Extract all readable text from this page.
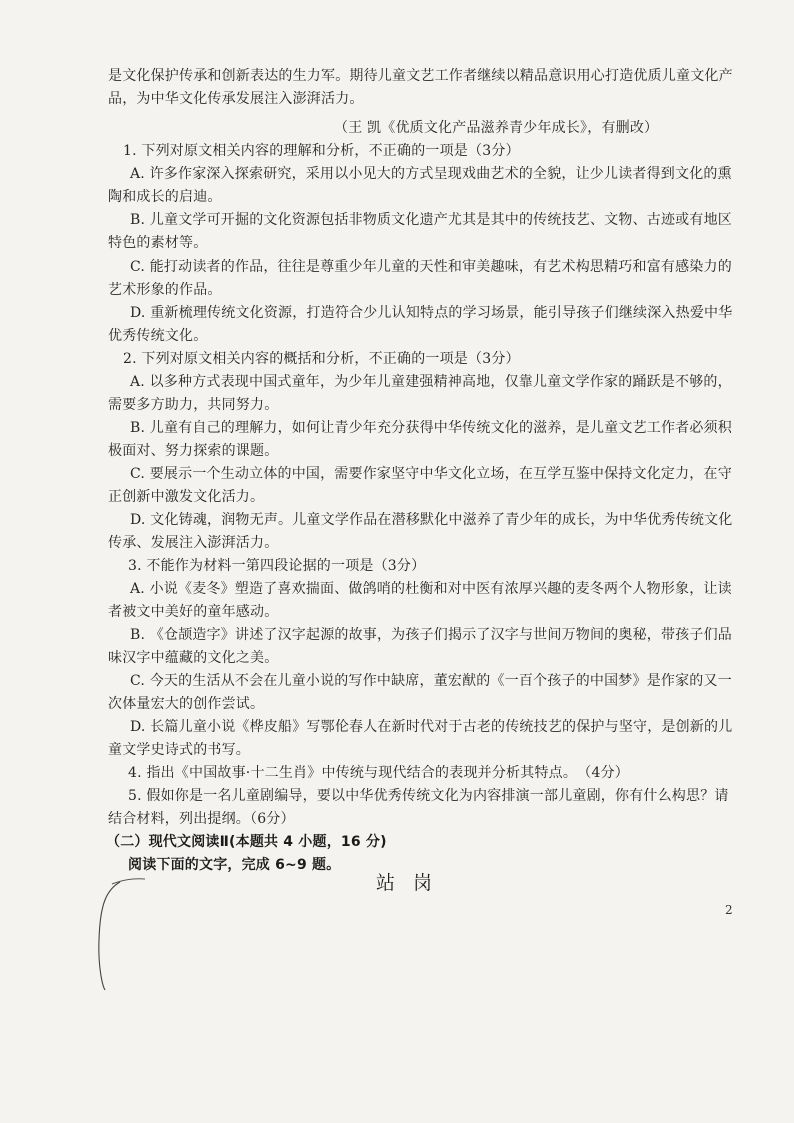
是文化保护传承和创新表达的生力军。期待儿童文艺工作者继续以精品意识用心打造优质儿童文化产
品，为中华文化传承发展注入澎湃活力。
（王 凯《优质文化产品滋养青少年成长》，有删改）
1. 下列对原文相关内容的理解和分析，不正确的一项是（3分）
A. 许多作家深入探索研究，采用以小见大的方式呈现戏曲艺术的全貌，让少儿读者得到文化的熏
陶和成长的启迪。
B. 儿童文学可开掘的文化资源包括非物质文化遗产尤其是其中的传统技艺、文物、古迹或有地区
特色的素材等。
C. 能打动读者的作品，往往是尊重少年儿童的天性和审美趣味，有艺术构思精巧和富有感染力的
艺术形象的作品。
D. 重新梳理传统文化资源，打造符合少儿认知特点的学习场景，能引导孩子们继续深入热爱中华
优秀传统文化。
2. 下列对原文相关内容的概括和分析，不正确的一项是（3分）
A. 以多种方式表现中国式童年，为少年儿童建强精神高地，仅靠儿童文学作家的踊跃是不够的，
需要多方助力，共同努力。
B. 儿童有自己的理解力，如何让青少年充分获得中华传统文化的滋养，是儿童文艺工作者必须积
极面对、努力探索的课题。
C. 要展示一个生动立体的中国，需要作家坚守中华文化立场，在互学互鉴中保持文化定力，在守
正创新中激发文化活力。
D. 文化铸魂，润物无声。儿童文学作品在潜移默化中滋养了青少年的成长，为中华优秀传统文化
传承、发展注入澎湃活力。
3. 不能作为材料一第四段论据的一项是（3分）
A. 小说《麦冬》塑造了喜欢揣面、做鸽哨的杜衡和对中医有浓厚兴趣的麦冬两个人物形象，让读
者被文中美好的童年感动。
B. 《仓颉造字》讲述了汉字起源的故事，为孩子们揭示了汉字与世间万物间的奥秘，带孩子们品
味汉字中蕴藏的文化之美。
C. 今天的生活从不会在儿童小说的写作中缺席，董宏猷的《一百个孩子的中国梦》是作家的又一
次体量宏大的创作尝试。
D. 长篇儿童小说《桦皮船》写鄂伦春人在新时代对于古老的传统技艺的保护与坚守，是创新的儿
童文学史诗式的书写。
4. 指出《中国故事·十二生肖》中传统与现代结合的表现并分析其特点。　（4分）
5. 假如你是一名儿童剧编导，要以中华优秀传统文化为内容排演一部儿童剧，你有什么构思？请
结合材料，列出提纲。（6分）
（二）现代文阅读Ⅱ(本题共 4 小题，16 分)
阅读下面的文字，完成 6~9 题。
站岗
2
